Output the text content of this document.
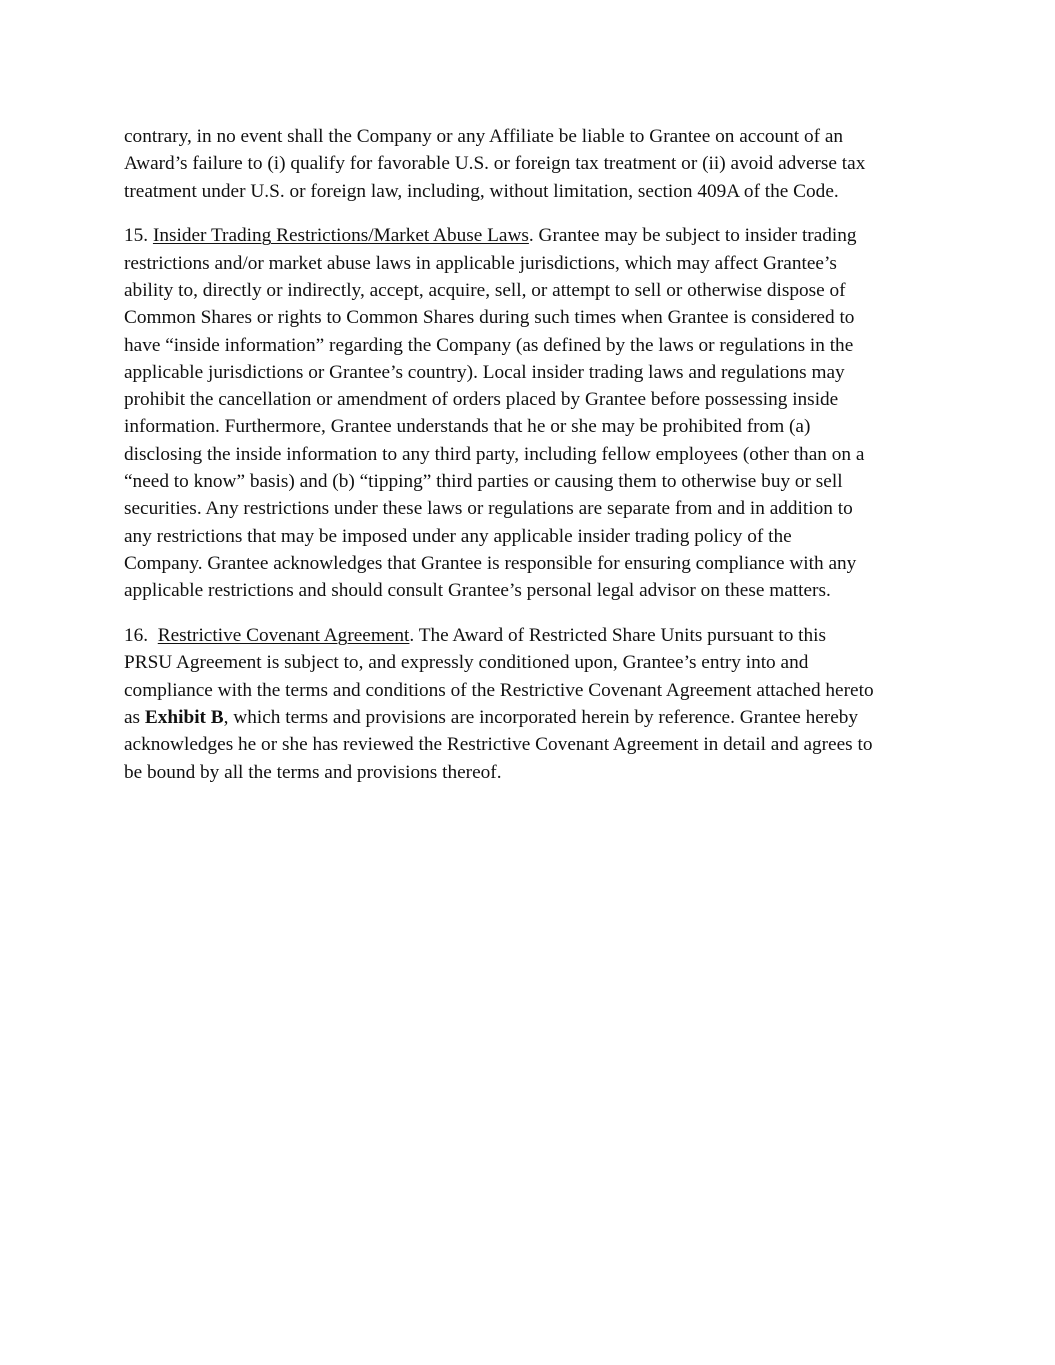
contrary, in no event shall the Company or any Affiliate be liable to Grantee on account of an
Award’s failure to (i) qualify for favorable U.S. or foreign tax treatment or (ii) avoid adverse tax
treatment under U.S. or foreign law, including, without limitation, section 409A of the Code.

15. Insider Trading Restrictions/Market Abuse Laws. Grantee may be subject to insider trading
restrictions and/or market abuse laws in applicable jurisdictions, which may affect Grantee’s
ability to, directly or indirectly, accept, acquire, sell, or attempt to sell or otherwise dispose of
Common Shares or rights to Common Shares during such times when Grantee is considered to
have “inside information” regarding the Company (as defined by the laws or regulations in the
applicable jurisdictions or Grantee’s country). Local insider trading laws and regulations may
prohibit the cancellation or amendment of orders placed by Grantee before possessing inside
information. Furthermore, Grantee understands that he or she may be prohibited from (a)
disclosing the inside information to any third party, including fellow employees (other than on a
“need to know” basis) and (b) “tipping” third parties or causing them to otherwise buy or sell
securities. Any restrictions under these laws or regulations are separate from and in addition to
any restrictions that may be imposed under any applicable insider trading policy of the
Company. Grantee acknowledges that Grantee is responsible for ensuring compliance with any
applicable restrictions and should consult Grantee’s personal legal advisor on these matters.

16. Restrictive Covenant Agreement. The Award of Restricted Share Units pursuant to this
PRSU Agreement is subject to, and expressly conditioned upon, Grantee’s entry into and
compliance with the terms and conditions of the Restrictive Covenant Agreement attached hereto
as Exhibit B, which terms and provisions are incorporated herein by reference. Grantee hereby
acknowledges he or she has reviewed the Restrictive Covenant Agreement in detail and agrees to
be bound by all the terms and provisions thereof.
